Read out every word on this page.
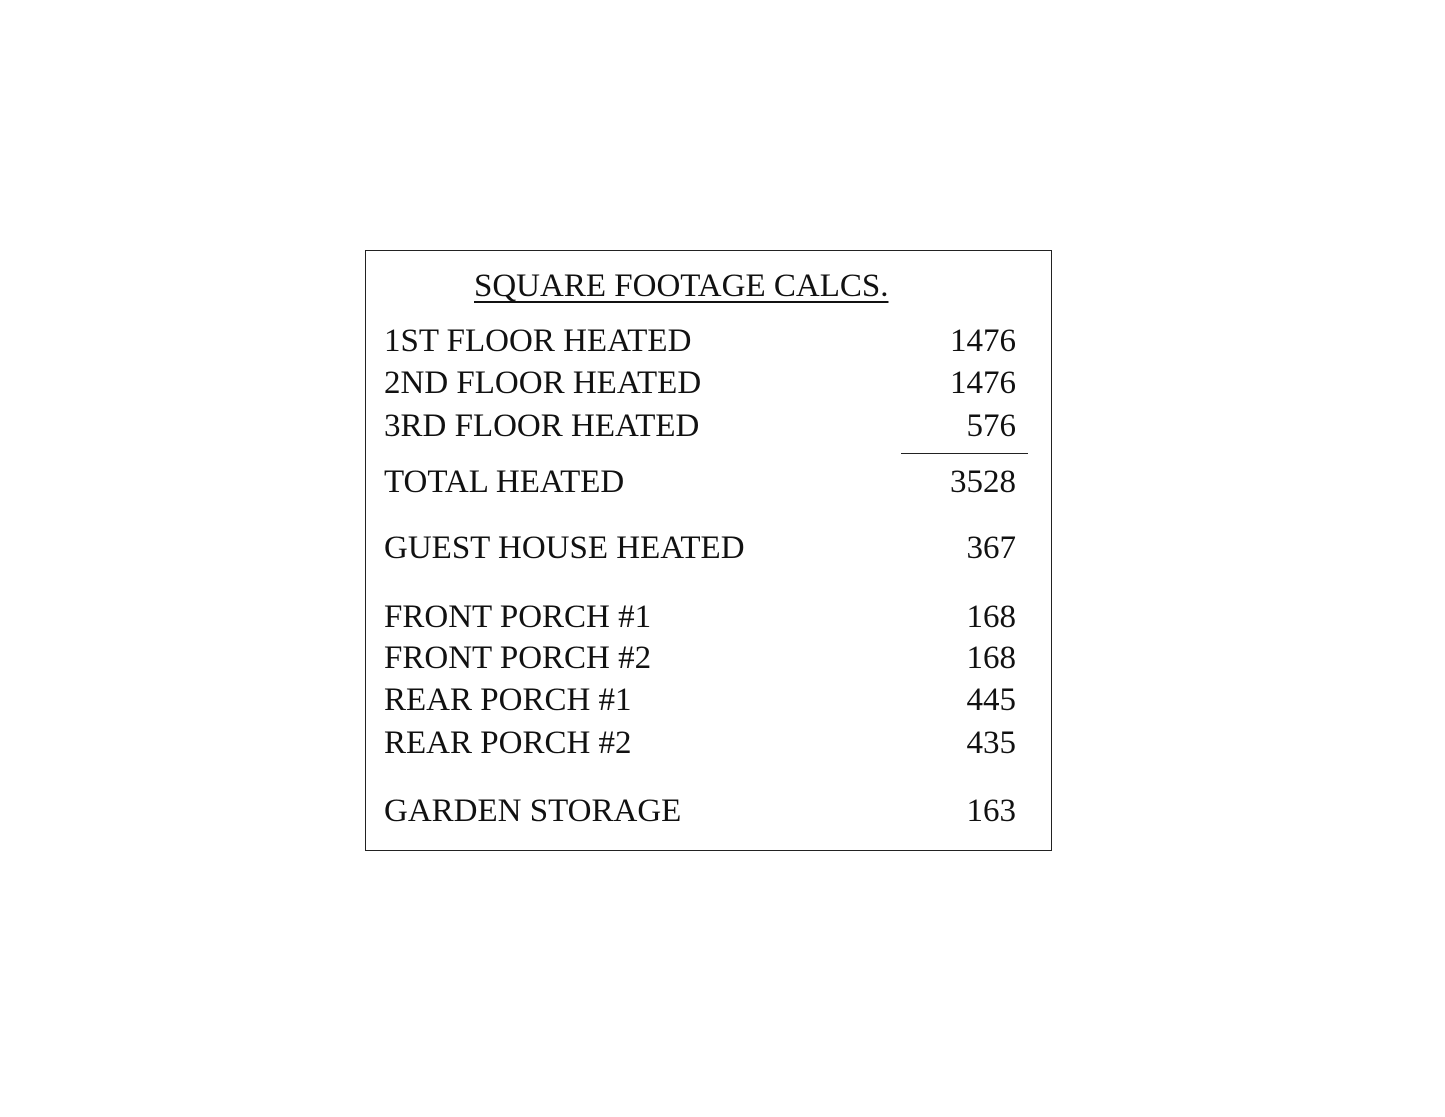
SQUARE FOOTAGE CALCS.
1ST FLOOR HEATED	1476
2ND FLOOR HEATED	1476
3RD FLOOR HEATED	576
TOTAL HEATED	3528
GUEST HOUSE HEATED	367
FRONT PORCH #1	168
FRONT PORCH #2	168
REAR PORCH #1	445
REAR PORCH #2	435
GARDEN STORAGE	163
